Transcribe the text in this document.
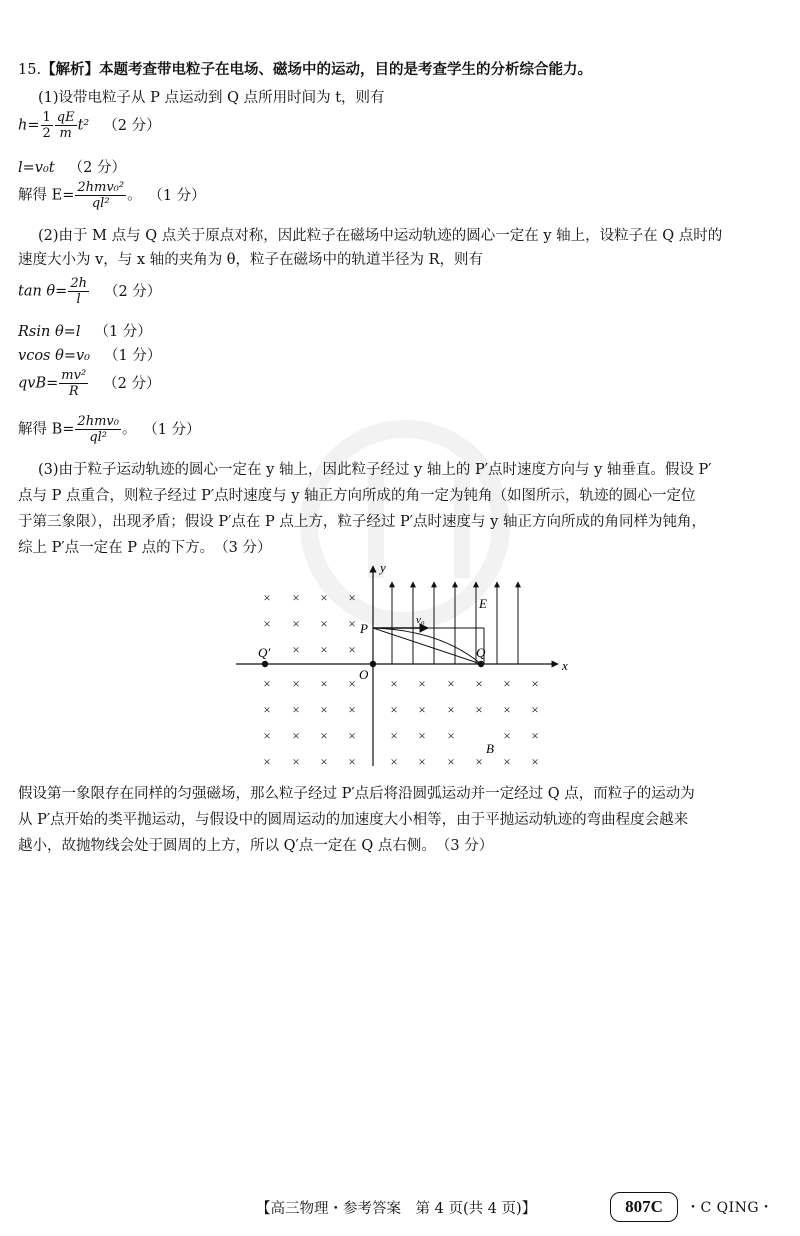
15.【解析】本题考查带电粒子在电场、磁场中的运动，目的是考查学生的分析综合能力。
(1)设带电粒子从 P 点运动到 Q 点所用时间为 t，则有
$h= \frac{1}{2} \frac{qE}{m} t^2$ （2 分）
l=v₀t （2 分）
解得 $E= \frac{\text{2hmv₀²}}{\text{ql²}}$ 。 （1 分）
(2)由于 M 点与 Q 点关于原点对称，因此粒子在磁场中运动轨迹的圆心一定在 y 轴上，设粒子在 Q 点时的
速度大小为 v，与 x 轴的夹角为 θ，粒子在磁场中的轨道半径为 R，则有
$\tan \theta= \frac{2h}{l} (2$ 分）
Rsin θ=l （1 分）
vcos θ=v₀ （1 分）
$qvB= \frac{\text{mv²}}{R} (2$ 分）
解得 $B= \frac{\text{2hmv₀}}{\text{ql²}}$ 。 （1 分）
(3)由于粒子运动轨迹的圆心一定在 y 轴上，因此粒子经过 y 轴上的 P′点时速度方向与 y 轴垂直。假设 P′
点与 P 点重合，则粒子经过 P′点时速度与 y 轴正方向所成的角一定为钝角（如图所示，轨迹的圆心一定位
于第三象限），出现矛盾；假设 P′点在 P 点上方，粒子经过 P′点时速度与 y 轴正方向所成的角同样为钝角，
综上 P′点一定在 P 点的下方。　（3 分）
×
×
×
×
×
×
×
×
×
×
×
× × × ×	× × × × × ×
× × × ×	× × × × × ×
× × × ×	× × ×	× ×
× × × ×	× × × × × ×
y
x
O
P
Q
Q′
E
B
v₀
假设第一象限存在同样的匀强磁场，那么粒子经过 P′点后将沿圆弧运动并一定经过 Q 点，而粒子的运动为
从 P′点开始的类平抛运动，与假设中的圆周运动的加速度大小相等，由于平抛运动轨迹的弯曲程度会越来
越小，故抛物线会处于圆周的上方，所以 Q′点一定在 Q 点右侧。　（3 分）
【高三物理・参考答案　第 4 页(共 4 页)】	807C	・C QING・
